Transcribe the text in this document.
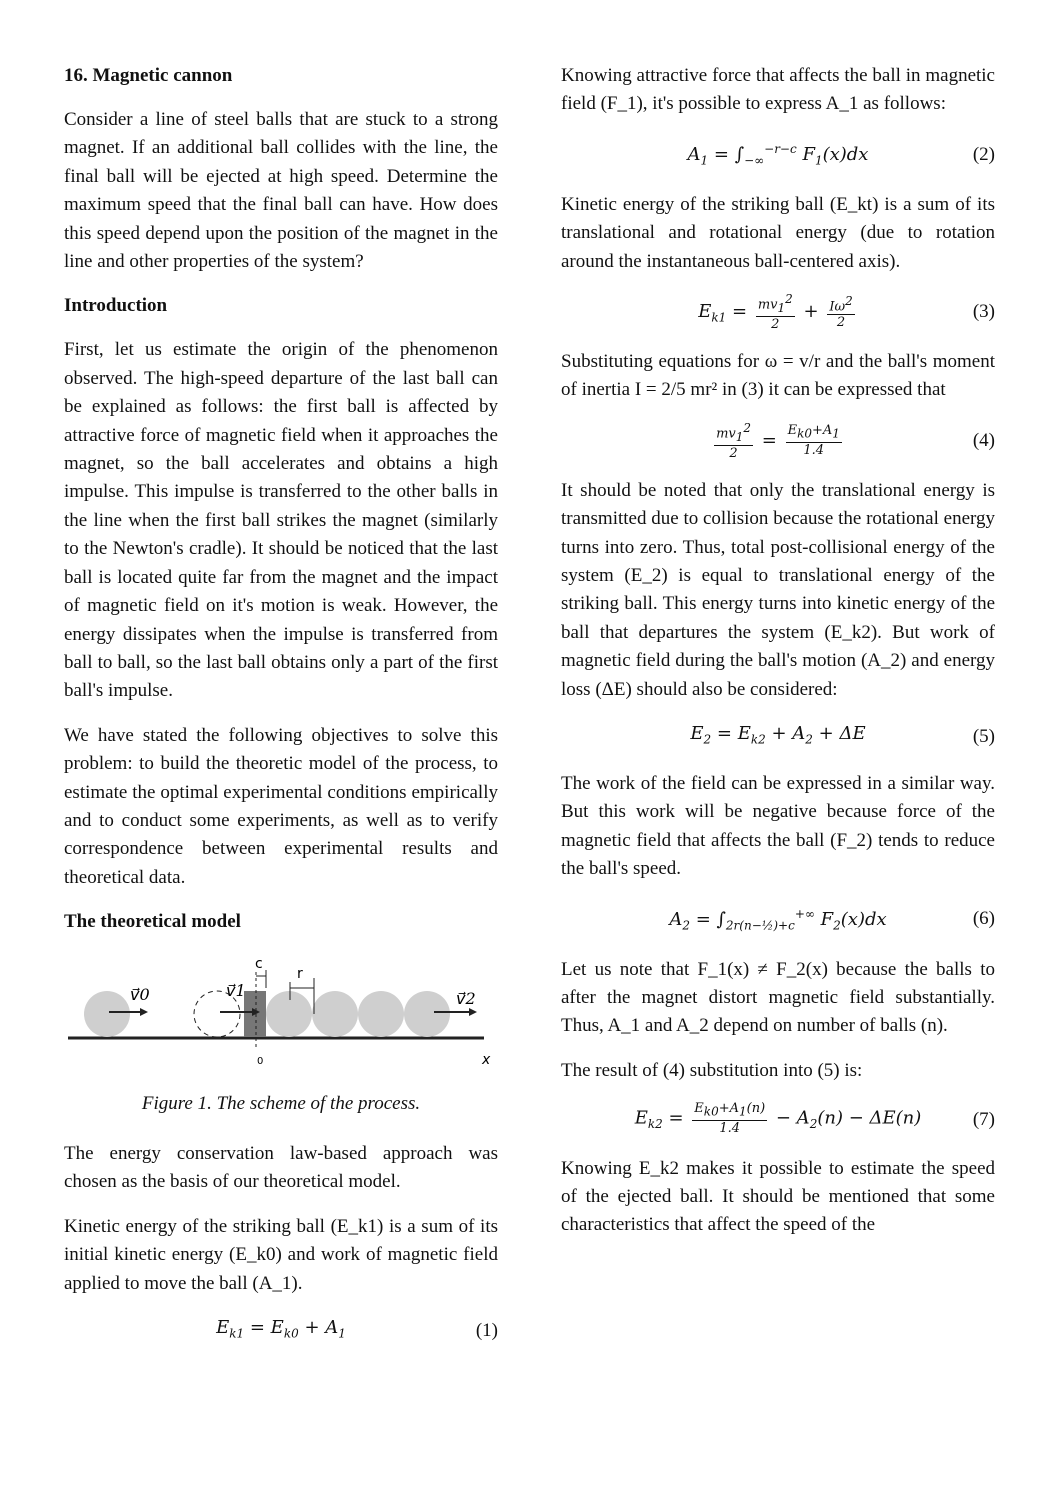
16. Magnetic cannon

Consider a line of steel balls that are stuck to a strong magnet. If an additional ball collides with the line, the final ball will be ejected at high speed. Determine the maximum speed that the final ball can have. How does this speed depend upon the position of the magnet in the line and other properties of the system?

Introduction

First, let us estimate the origin of the phenomenon observed. The high-speed departure of the last ball can be explained as follows: the first ball is affected by attractive force of magnetic field when it approaches the magnet, so the ball accelerates and obtains a high impulse. This impulse is transferred to the other balls in the line when the first ball strikes the magnet (similarly to the Newton's cradle). It should be noticed that the last ball is located quite far from the magnet and the impact of magnetic field on it's motion is weak. However, the energy dissipates when the impulse is transferred from ball to ball, so the last ball obtains only a part of the first ball's impulse.

We have stated the following objectives to solve this problem: to build the theoretic model of the process, to estimate the optimal experimental conditions empirically and to conduct some experiments, as well as to verify correspondence between experimental results and theoretical data.

The theoretical model
v⃗0	v⃗1	v⃗2
c
r
0	x
Figure 1. The scheme of the process.

The energy conservation law-based approach was chosen as the basis of our theoretical model.

Kinetic energy of the striking ball (E_k1) is a sum of its initial kinetic energy (E_k0) and work of magnetic field applied to move the ball (A_1).

$E_{k1} = E_{k0} + A_1$	(1)

Knowing attractive force that affects the ball in magnetic field (F_1), it's possible to express A_1 as follows:

$A_1 = \int_{-\infty}^{-r-c}$ $F_1(x)dx$	(2)

Kinetic energy of the striking ball (E_kt) is a sum of its translational and rotational energy (due to rotation around the instantaneous ball-centered axis).

$E_{k1} = \frac{mv_1^2}{2} + \frac{I\omega^2}{2}$	(3)

Substituting equations for ω = v/r and the ball's moment of inertia I = 2/5 mr² in (3) it can be expressed that

$\frac{mv_1^2}{2} = \frac{E_{k0}+A_1}{1.4}$	(4)

It should be noted that only the translational energy is transmitted due to collision because the rotational energy turns into zero. Thus, total post-collisional energy of the system (E_2) is equal to translational energy of the striking ball. This energy turns into kinetic energy of the ball that departures the system (E_k2). But work of magnetic field during the ball's motion (A_2) and energy loss (ΔE) should also be considered:

$E_2 = E_{k2} + A_2 + \Delta E$	(5)

The work of the field can be expressed in a similar way. But this work will be negative because force of the magnetic field that affects the ball (F_2) tends to reduce the ball's speed.

$A_2 = \int_{2r(n-\frac{1}{2})+c}^{+\infty}$ $F_2(x)dx$	(6)

Let us note that F_1(x) ≠ F_2(x) because the balls to after the magnet distort magnetic field substantially. Thus, A_1 and A_2 depend on number of balls (n).

The result of (4) substitution into (5) is:

$E_{k2} = \frac{E_{k0}+A_1(n)}{1.4} - A_2(n) - \Delta E(n)$	(7)

Knowing E_k2 makes it possible to estimate the speed of the ejected ball. It should be mentioned that some characteristics that affect the speed of the
